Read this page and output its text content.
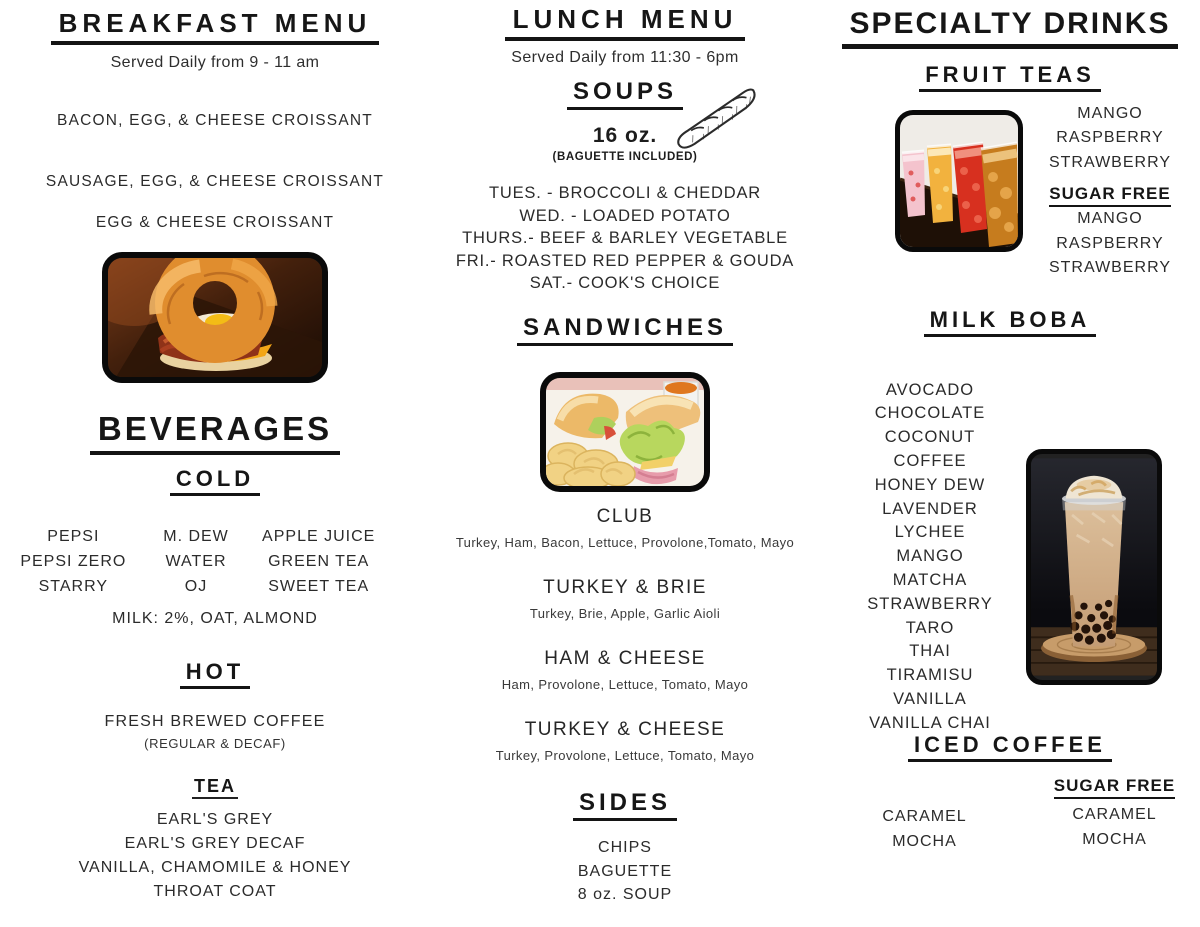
BREAKFAST MENU
Served Daily from 9 - 11 am
BACON, EGG, & CHEESE CROISSANT
SAUSAGE, EGG, & CHEESE CROISSANT
EGG & CHEESE CROISSANT
BEVERAGES
COLD
PEPSI
PEPSI ZERO
STARRY
M. DEW
WATER
OJ
APPLE JUICE
GREEN TEA
SWEET TEA
MILK: 2%, OAT, ALMOND
HOT
FRESH BREWED COFFEE
(REGULAR & DECAF)
TEA
EARL'S GREY
EARL'S GREY DECAF
VANILLA, CHAMOMILE & HONEY
THROAT COAT
LUNCH MENU
Served Daily from 11:30 - 6pm
SOUPS
16 oz.
(BAGUETTE INCLUDED)
TUES. - BROCCOLI & CHEDDAR
WED. - LOADED POTATO
THURS.- BEEF & BARLEY VEGETABLE
FRI.- ROASTED RED PEPPER & GOUDA
SAT.- COOK'S CHOICE
SANDWICHES
CLUB
Turkey, Ham, Bacon, Lettuce, Provolone,Tomato, Mayo
TURKEY & BRIE
Turkey, Brie, Apple, Garlic Aioli
HAM & CHEESE
Ham, Provolone, Lettuce, Tomato, Mayo
TURKEY & CHEESE
Turkey, Provolone, Lettuce, Tomato, Mayo
SIDES
CHIPS
BAGUETTE
8 oz. SOUP
SPECIALTY DRINKS
FRUIT TEAS
MANGO
RASPBERRY
STRAWBERRY
SUGAR FREE
MANGO
RASPBERRY
STRAWBERRY
MILK BOBA
AVOCADO
CHOCOLATE
COCONUT
COFFEE
HONEY DEW
LAVENDER
LYCHEE
MANGO
MATCHA
STRAWBERRY
TARO
THAI
TIRAMISU
VANILLA
VANILLA CHAI
ICED COFFEE
CARAMEL
MOCHA
SUGAR FREE
CARAMEL
MOCHA
